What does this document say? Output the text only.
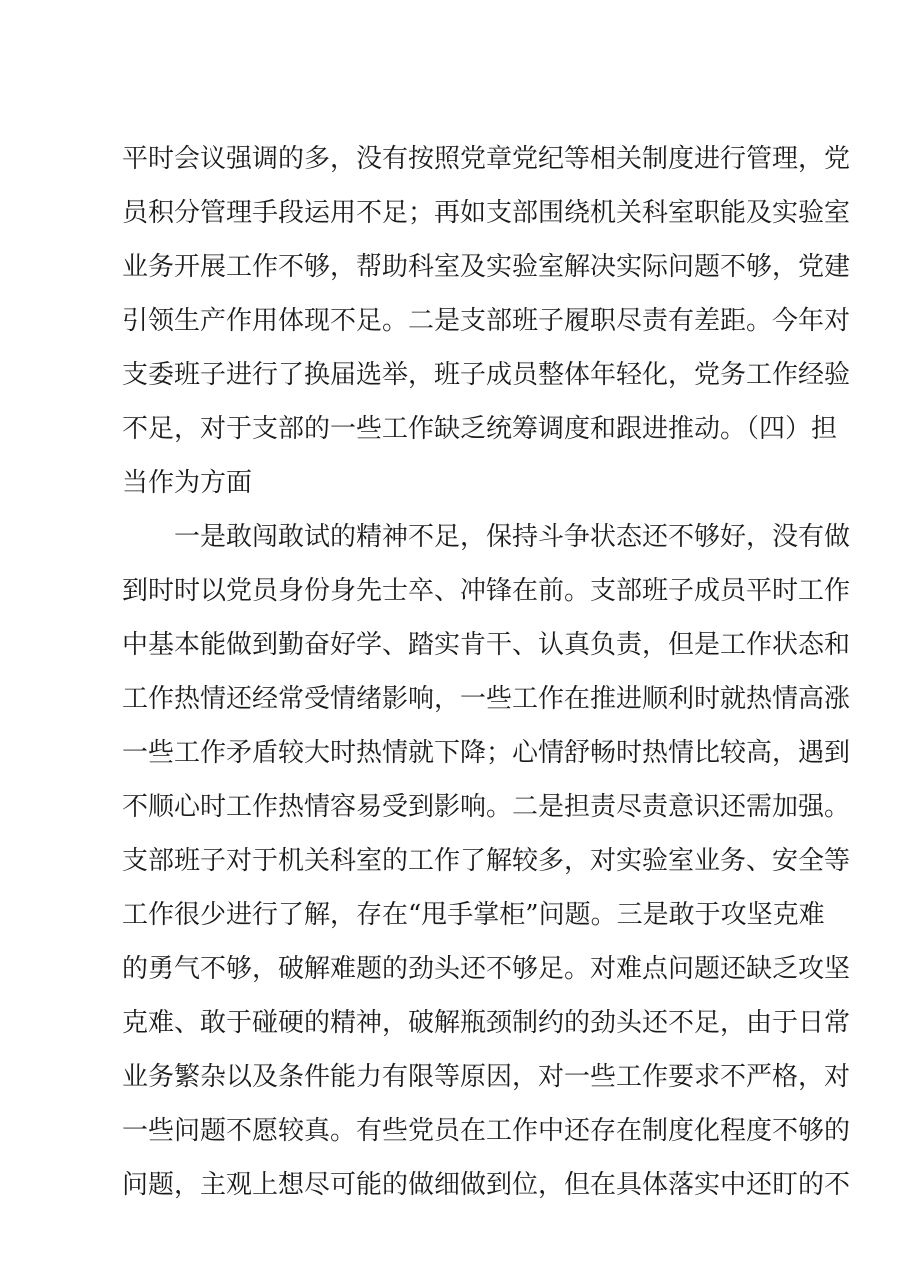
平时会议强调的多，没有按照党章党纪等相关制度进行管理，党
员积分管理手段运用不足；再如支部围绕机关科室职能及实验室
业务开展工作不够，帮助科室及实验室解决实际问题不够，党建
引领生产作用体现不足。二是支部班子履职尽责有差距。今年对
支委班子进行了换届选举，班子成员整体年轻化，党务工作经验
不足，对于支部的一些工作缺乏统筹调度和跟进推动。（四）担
当作为方面
　　一是敢闯敢试的精神不足，保持斗争状态还不够好，没有做
到时时以党员身份身先士卒、冲锋在前。支部班子成员平时工作
中基本能做到勤奋好学、踏实肯干、认真负责，但是工作状态和
工作热情还经常受情绪影响，一些工作在推进顺利时就热情高涨
一些工作矛盾较大时热情就下降；心情舒畅时热情比较高，遇到
不顺心时工作热情容易受到影响。二是担责尽责意识还需加强。
支部班子对于机关科室的工作了解较多，对实验室业务、安全等
工作很少进行了解，存在“甩手掌柜”问题。三是敢于攻坚克难
的勇气不够，破解难题的劲头还不够足。对难点问题还缺乏攻坚
克难、敢于碰硬的精神，破解瓶颈制约的劲头还不足，由于日常
业务繁杂以及条件能力有限等原因，对一些工作要求不严格，对
一些问题不愿较真。有些党员在工作中还存在制度化程度不够的
问题，主观上想尽可能的做细做到位，但在具体落实中还盯的不
